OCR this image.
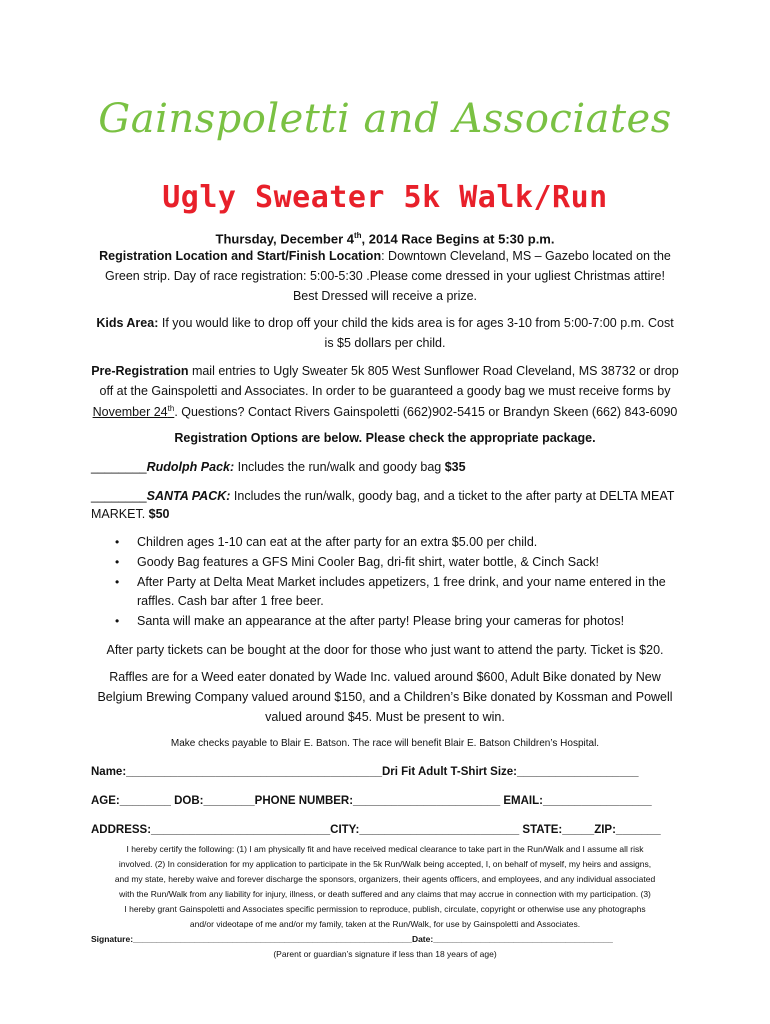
Gainspoletti and Associates
Ugly Sweater 5k Walk/Run
Thursday, December 4th, 2014 Race Begins at 5:30 p.m.
Registration Location and Start/Finish Location: Downtown Cleveland, MS – Gazebo located on the
Green strip. Day of race registration: 5:00-5:30 .Please come dressed in your ugliest Christmas attire!
Best Dressed will receive a prize.
Kids Area: If you would like to drop off your child the kids area is for ages 3-10 from 5:00-7:00 p.m. Cost
is $5 dollars per child.
Pre-Registration mail entries to Ugly Sweater 5k 805 West Sunflower Road Cleveland, MS 38732 or drop
off at the Gainspoletti and Associates. In order to be guaranteed a goody bag we must receive forms by
November 24th. Questions? Contact Rivers Gainspoletti (662)902-5415 or Brandyn Skeen (662) 843-6090
Registration Options are below. Please check the appropriate package.
________Rudolph Pack: Includes the run/walk and goody bag $35
________SANTA PACK: Includes the run/walk, goody bag, and a ticket to the after party at DELTA MEAT
MARKET. $50
• Children ages 1-10 can eat at the after party for an extra $5.00 per child.
• Goody Bag features a GFS Mini Cooler Bag, dri-fit shirt, water bottle, & Cinch Sack!
• After Party at Delta Meat Market includes appetizers, 1 free drink, and your name entered in the
raffles. Cash bar after 1 free beer.
• Santa will make an appearance at the after party! Please bring your cameras for photos!
After party tickets can be bought at the door for those who just want to attend the party. Ticket is $20.
Raffles are for a Weed eater donated by Wade Inc. valued around $600, Adult Bike donated by New
Belgium Brewing Company valued around $150, and a Children’s Bike donated by Kossman and Powell
valued around $45. Must be present to win.
Make checks payable to Blair E. Batson. The race will benefit Blair E. Batson Children’s Hospital.
Name:________________________________________Dri Fit Adult T-Shirt Size:___________________
AGE:________ DOB:________PHONE NUMBER:_______________________ EMAIL:_________________
ADDRESS:____________________________CITY:_________________________ STATE:_____ZIP:_______
I hereby certify the following: (1) I am physically fit and have received medical clearance to take part in the Run/Walk and I assume all risk
involved. (2) In consideration for my application to participate in the 5k Run/Walk being accepted, I, on behalf of myself, my heirs and assigns,
and my state, hereby waive and forever discharge the sponsors, organizers, their agents officers, and employees, and any individual associated
with the Run/Walk from any liability for injury, illness, or death suffered and any claims that may accrue in connection with my participation. (3)
I hereby grant Gainspoletti and Associates specific permission to reproduce, publish, circulate, copyright or otherwise use any photographs
and/or videotape of me and/or my family, taken at the Run/Walk, for use by Gainspoletti and Associates.
Signature:___________________________________________________________Date:______________________________________
(Parent or guardian’s signature if less than 18 years of age)
